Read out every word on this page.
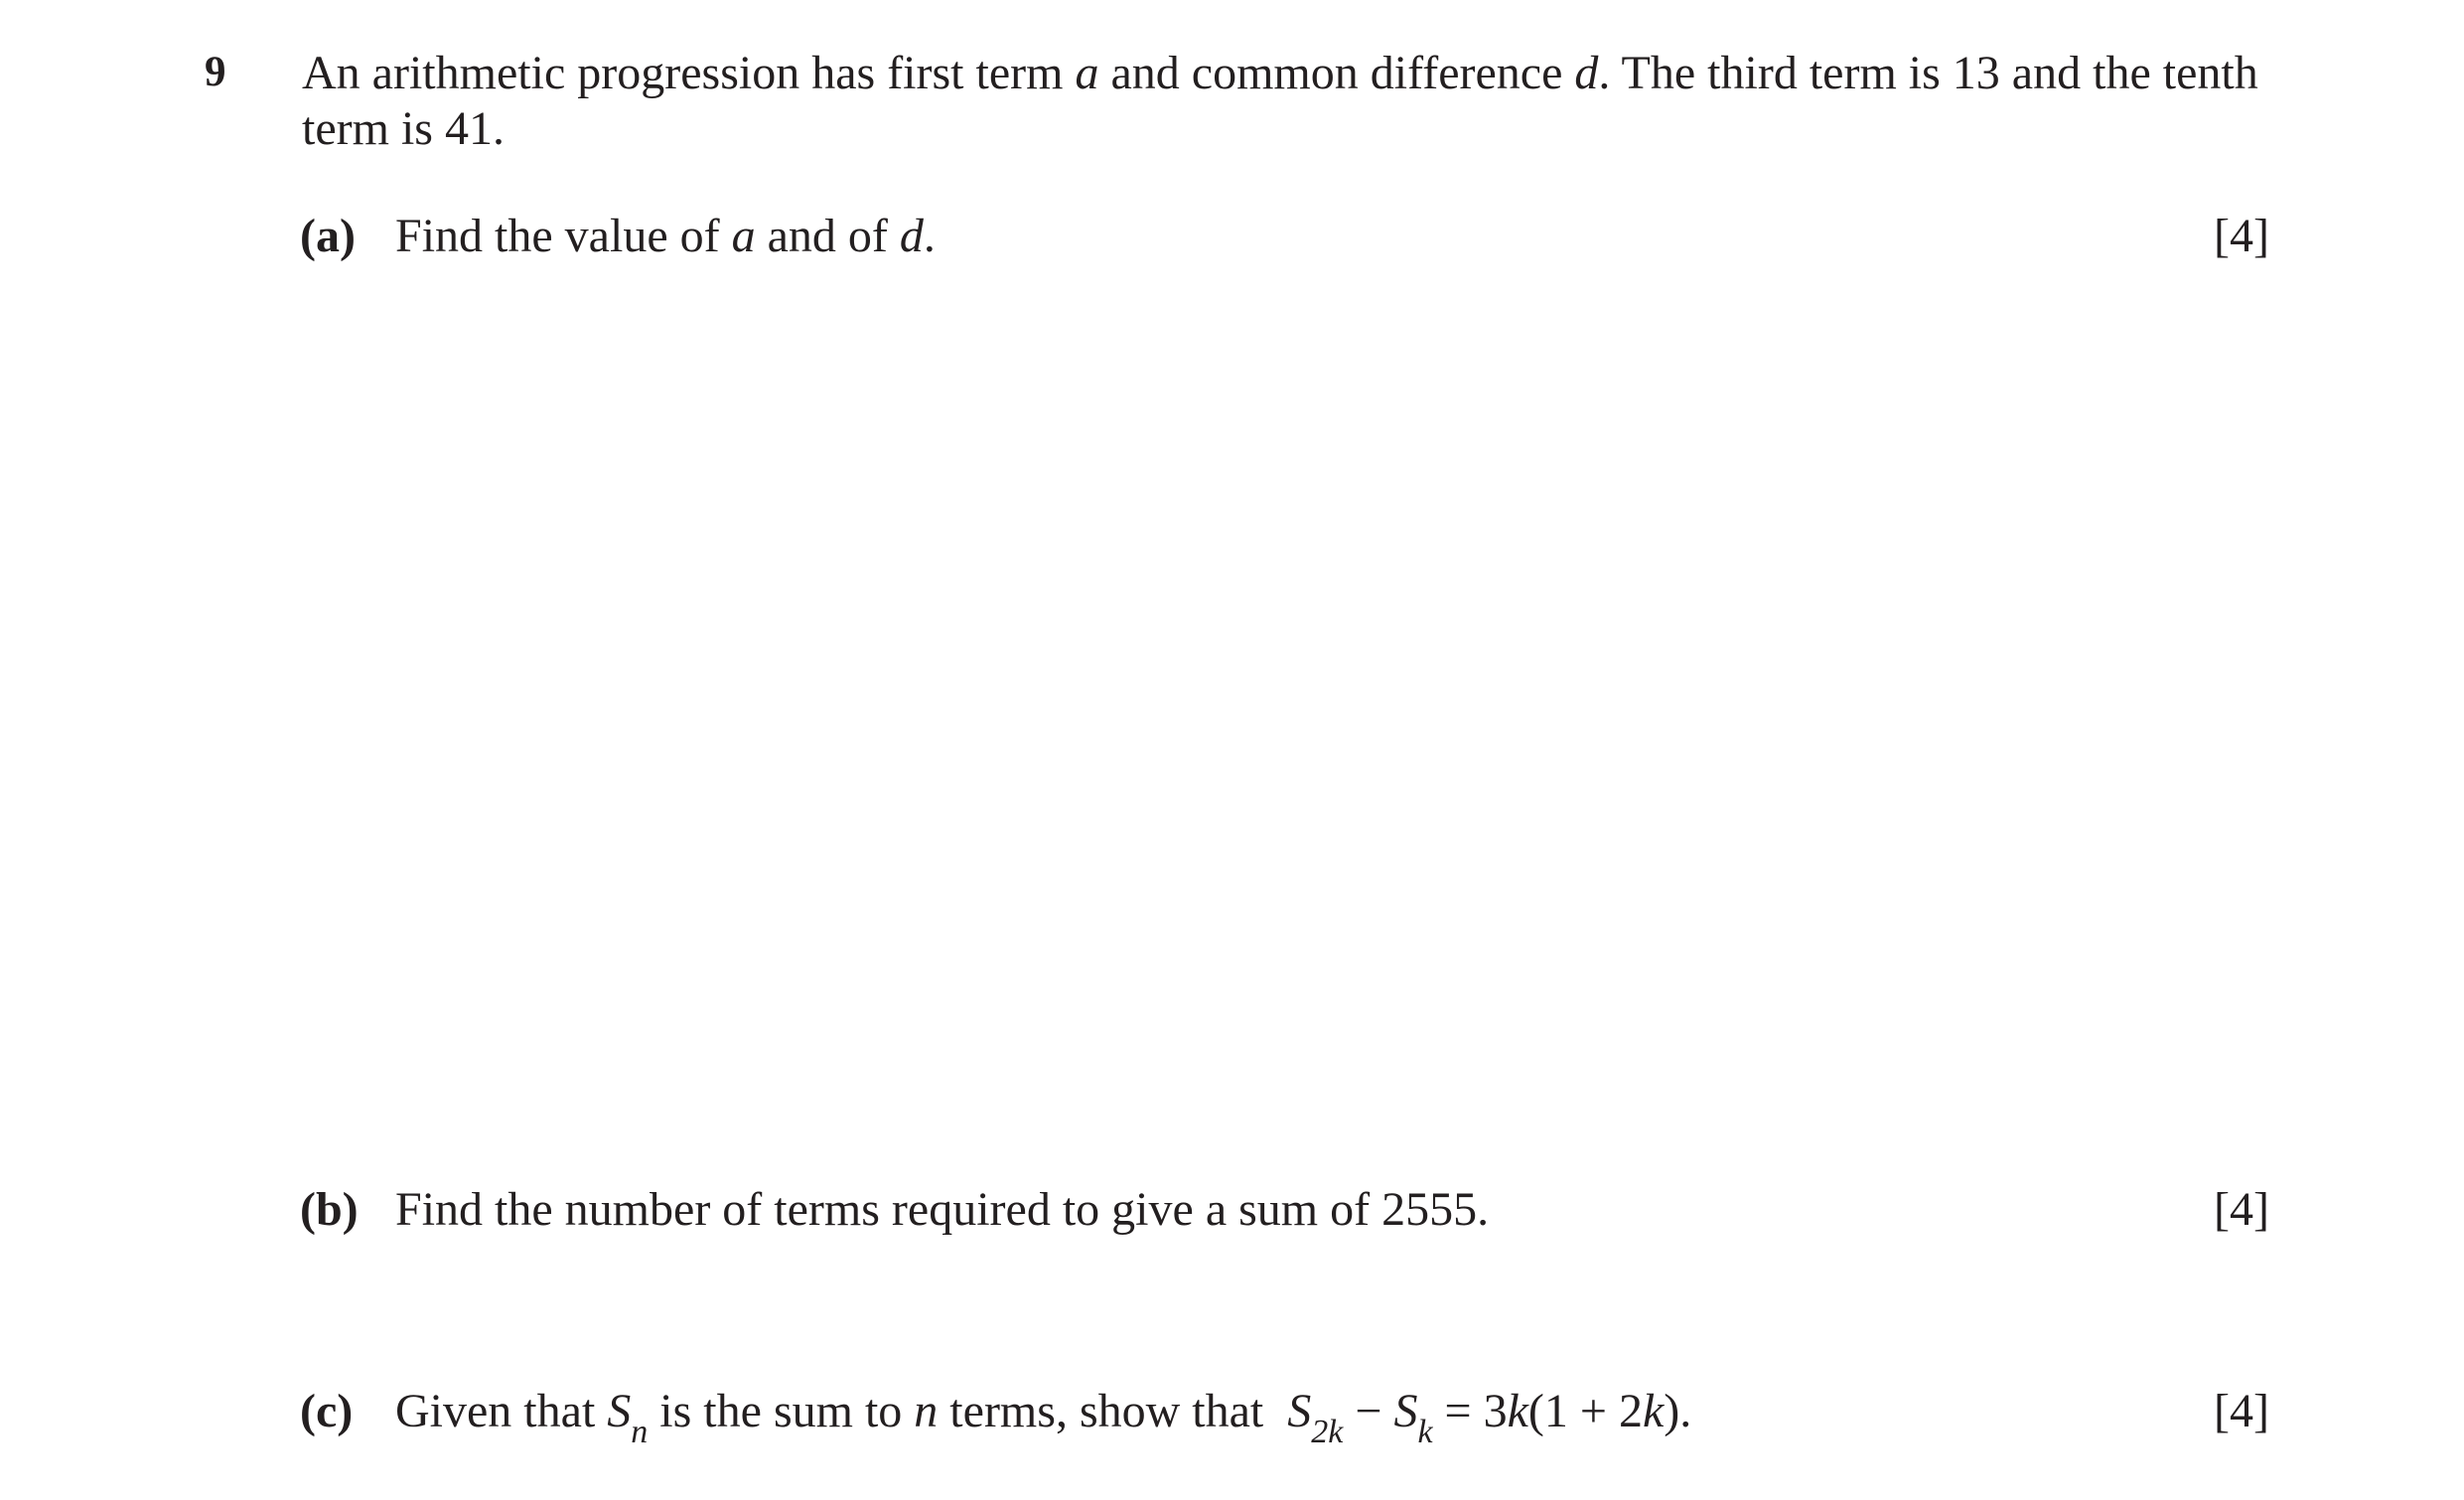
9 An arithmetic progression has first term a and common difference d. The third term is 13 and the tenth
term is 41.
(a) Find the value of a and of d.	[4]
(b) Find the number of terms required to give a sum of 2555.	[4]
(c) Given that $S_n$ is the sum to n terms, show that  $S_{2k} - S_k = 3k(1 + 2k)$.	[4]
